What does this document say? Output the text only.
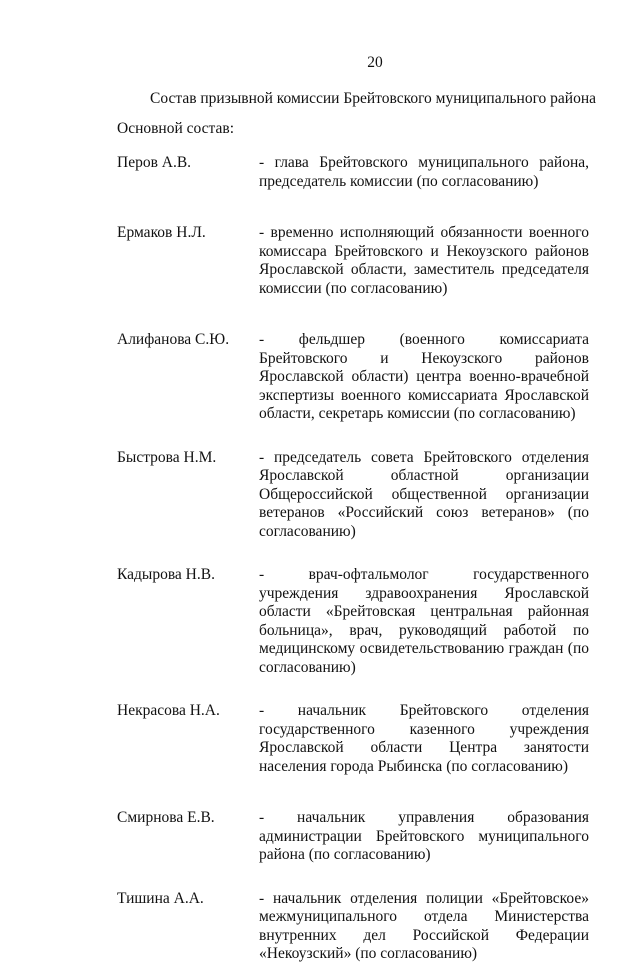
20
Состав призывной комиссии Брейтовского муниципального района
Основной состав:
Перов А.В.	- глава Брейтовского муниципального района, председатель комиссии (по согласованию)
Ермаков Н.Л.	- временно исполняющий обязанности военного комиссара Брейтовского и Некоузского районов Ярославской области, заместитель председателя комиссии (по согласованию)
Алифанова С.Ю.	- фельдшер (военного комиссариата Брейтовского и Некоузского районов Ярославской области) центра военно-врачебной экспертизы военного комиссариата Ярославской области, секретарь комиссии (по согласованию)
Быстрова Н.М.	- председатель совета Брейтовского отделения Ярославской областной организации Общероссийской общественной организации ветеранов «Российский союз ветеранов» (по согласованию)
Кадырова Н.В.	- врач-офтальмолог государственного учреждения здравоохранения Ярославской области «Брейтовская центральная районная больница», врач, руководящий работой по медицинскому освидетельствованию граждан (по согласованию)
Некрасова Н.А.	- начальник Брейтовского отделения государственного казенного учреждения Ярославской области Центра занятости населения города Рыбинска (по согласованию)
Смирнова Е.В.	- начальник управления образования администрации Брейтовского муниципального района (по согласованию)
Тишина А.А.	- начальник отделения полиции «Брейтовское» межмуниципального отдела Министерства внутренних дел Российской Федерации «Некоузский» (по согласованию)
